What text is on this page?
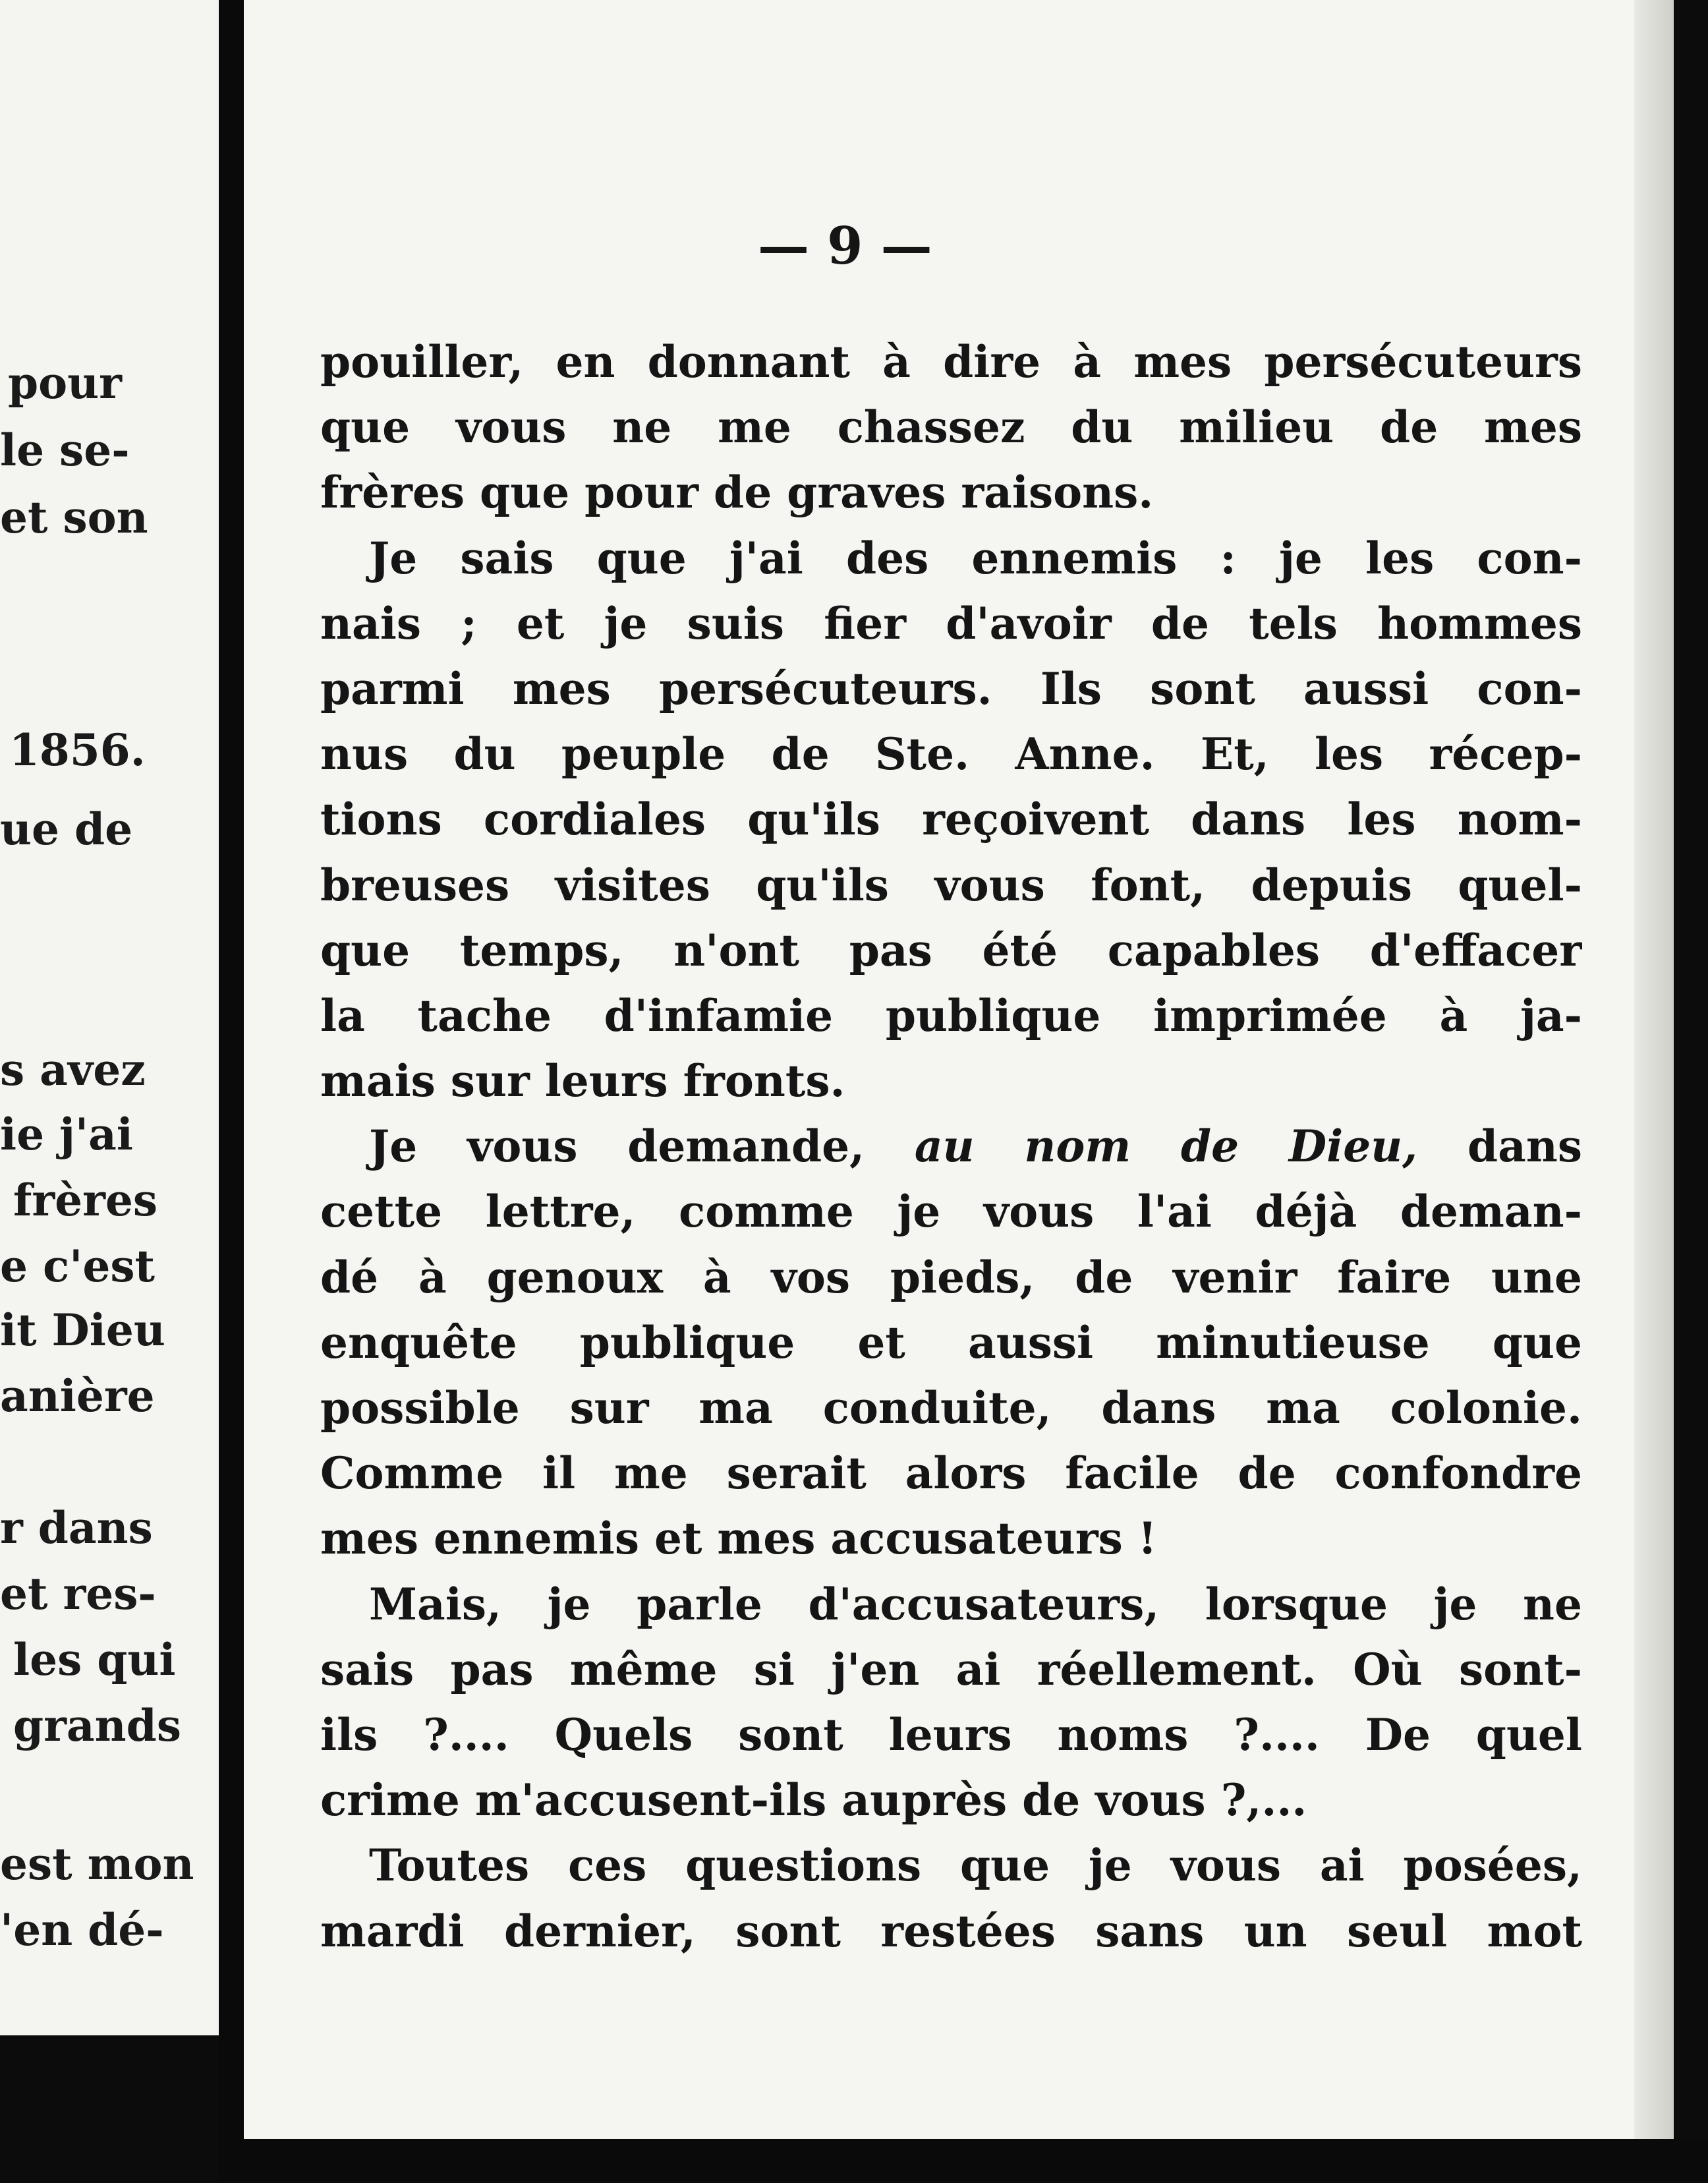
pour
le se-
et son
1856.
ue de
s avez
ie j'ai
frères
e c'est
it Dieu
anière
r dans
et res-
les qui
grands
est mon
'en dé-
— 9 —
pouiller, en donnant à dire à mes persécuteurs
que vous ne me chassez du milieu de mes
frères que pour de graves raisons.
Je sais que j'ai des ennemis : je les con-
nais ; et je suis fier d'avoir de tels hommes
parmi mes persécuteurs. Ils sont aussi con-
nus du peuple de Ste. Anne. Et, les récep-
tions cordiales qu'ils reçoivent dans les nom-
breuses visites qu'ils vous font, depuis quel-
que temps, n'ont pas été capables d'effacer
la tache d'infamie publique imprimée à ja-
mais sur leurs fronts.
Je vous demande, au nom de Dieu, dans
cette lettre, comme je vous l'ai déjà deman-
dé à genoux à vos pieds, de venir faire une
enquête publique et aussi minutieuse que
possible sur ma conduite, dans ma colonie.
Comme il me serait alors facile de confondre
mes ennemis et mes accusateurs !
Mais, je parle d'accusateurs, lorsque je ne
sais pas même si j'en ai réellement. Où sont-
ils ?.... Quels sont leurs noms ?.... De quel
crime m'accusent-ils auprès de vous ?,...
Toutes ces questions que je vous ai posées,
mardi dernier, sont restées sans un seul mot
